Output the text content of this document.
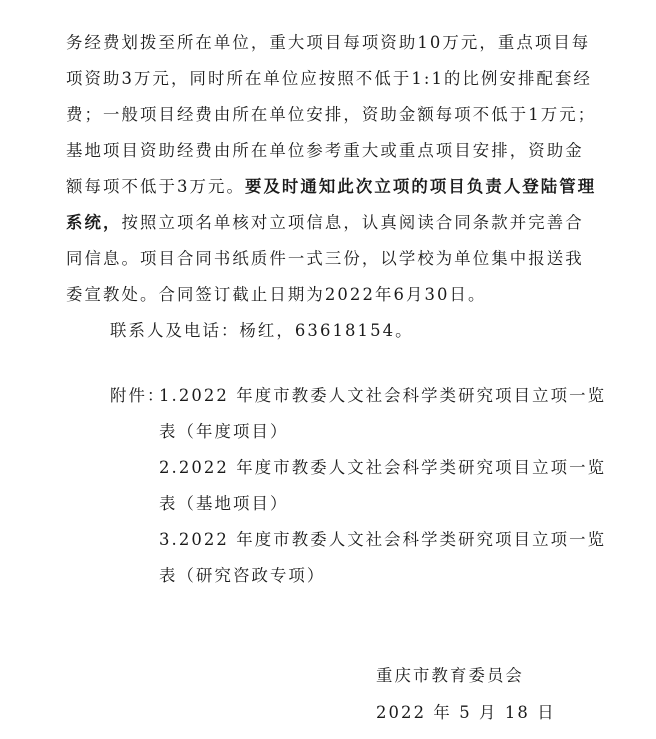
务经费划拨至所在单位，重大项目每项资助10万元，重点项目每
项资助3万元，同时所在单位应按照不低于1:1的比例安排配套经
费；一般项目经费由所在单位安排，资助金额每项不低于1万元；
基地项目资助经费由所在单位参考重大或重点项目安排，资助金
额每项不低于3万元。要及时通知此次立项的项目负责人登陆管理
系统，按照立项名单核对立项信息，认真阅读合同条款并完善合
同信息。项目合同书纸质件一式三份，以学校为单位集中报送我
委宣教处。合同签订截止日期为2022年6月30日。
联系人及电话：杨红，63618154。
附件：
1.2022 年度市教委人文社会科学类研究项目立项一览
表（年度项目）
2.2022 年度市教委人文社会科学类研究项目立项一览
表（基地项目）
3.2022 年度市教委人文社会科学类研究项目立项一览
表（研究咨政专项）
重庆市教育委员会
2022 年 5 月 18 日
